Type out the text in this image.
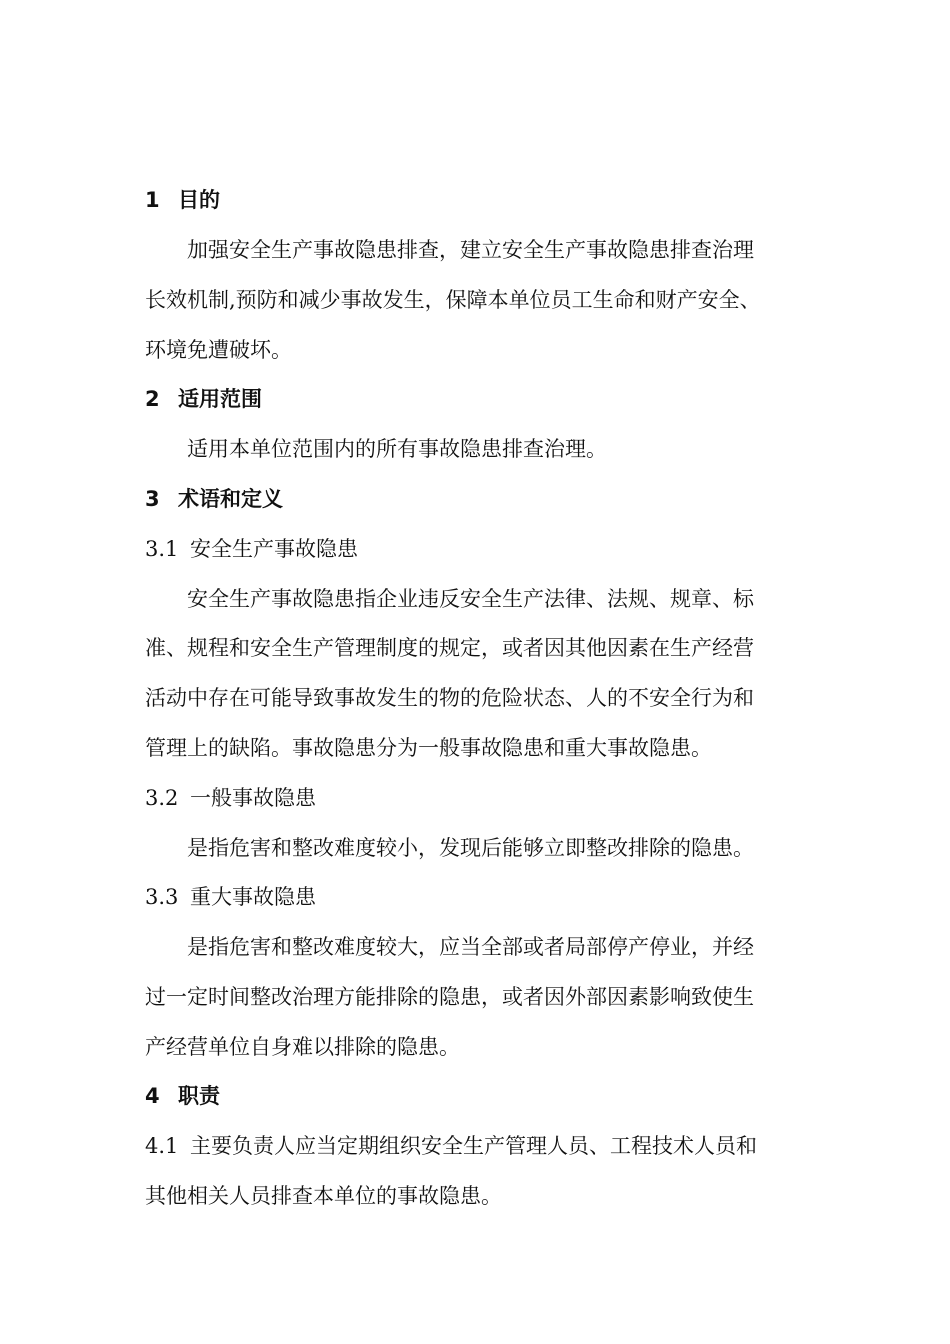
1 目的
加强安全生产事故隐患排查，建立安全生产事故隐患排查治理
长效机制,预防和减少事故发生，保障本单位员工生命和财产安全、
环境免遭破坏。
2 适用范围
适用本单位范围内的所有事故隐患排查治理。
3 术语和定义
3.1 安全生产事故隐患
安全生产事故隐患指企业违反安全生产法律、法规、规章、标
准、规程和安全生产管理制度的规定，或者因其他因素在生产经营
活动中存在可能导致事故发生的物的危险状态、人的不安全行为和
管理上的缺陷。事故隐患分为一般事故隐患和重大事故隐患。
3.2 一般事故隐患
是指危害和整改难度较小，发现后能够立即整改排除的隐患。
3.3 重大事故隐患
是指危害和整改难度较大，应当全部或者局部停产停业，并经
过一定时间整改治理方能排除的隐患，或者因外部因素影响致使生
产经营单位自身难以排除的隐患。
4 职责
4.1 主要负责人应当定期组织安全生产管理人员、工程技术人员和
其他相关人员排查本单位的事故隐患。
